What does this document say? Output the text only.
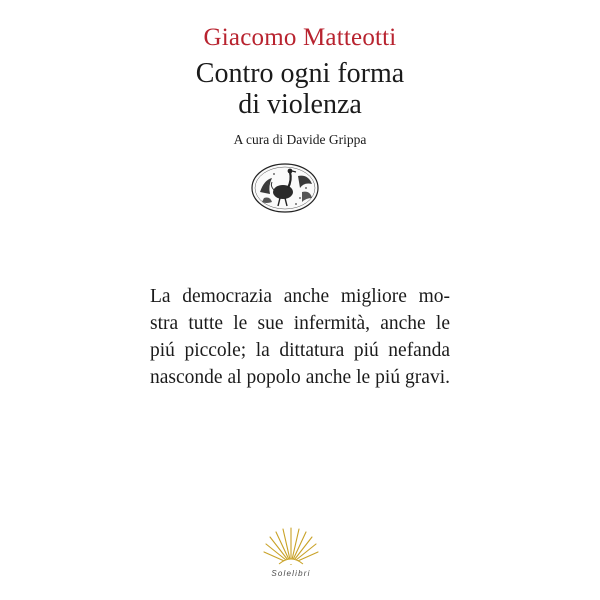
Giacomo Matteotti
Contro ogni forma
di violenza
A cura di Davide Grippa
La democrazia anche migliore mo-
stra tutte le sue infermità, anche le
piú piccole; la dittatura piú nefanda
nasconde al popolo anche le piú gravi.
Solelibri
